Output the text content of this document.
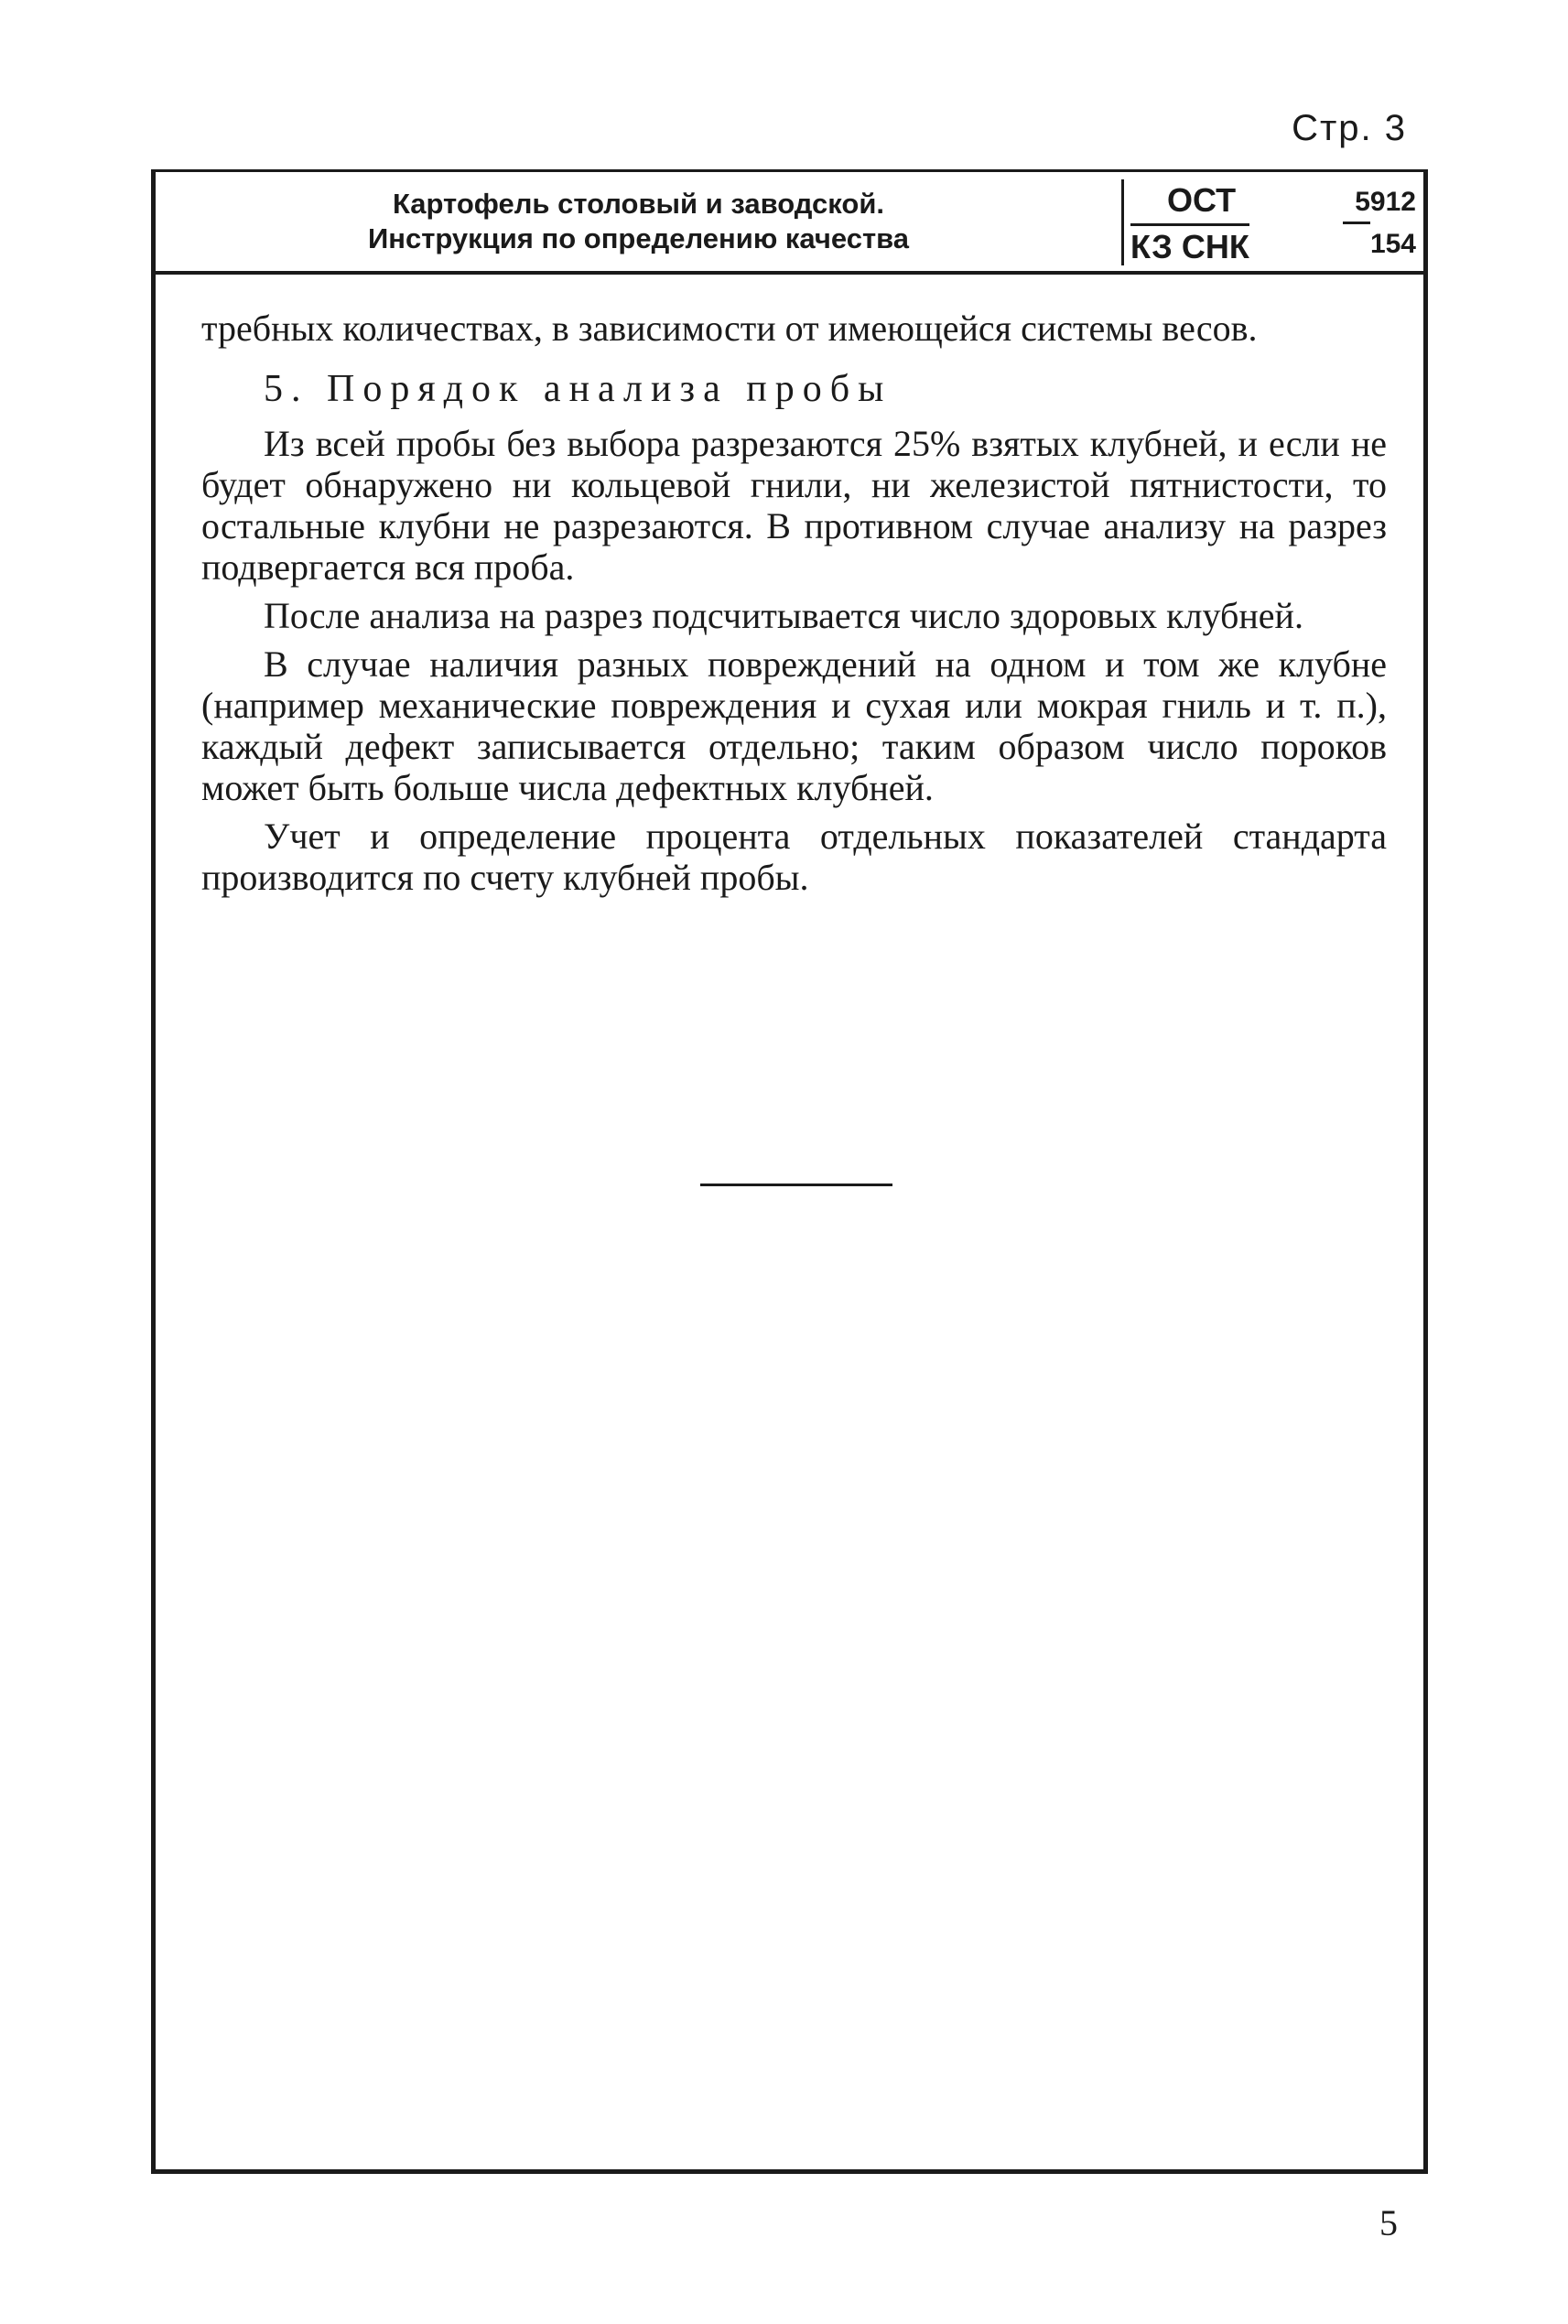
Стр. 3
Картофель столовый и заводской.
Инструкция по определению качества
ОСТ	5912
КЗ СНК	154

требных количествах, в зависимости от имеющейся системы весов.

5. Порядок анализа пробы

Из всей пробы без выбора разрезаются 25% взятых клубней, и если не будет обнаружено ни кольцевой гнили, ни железистой пятнистости, то остальные клубни не разрезаются. В противном случае анализу на разрез подвергается вся проба.

После анализа на разрез подсчитывается число здоровых клубней.

В случае наличия разных повреждений на одном и том же клубне (например механические повреждения и сухая или мокрая гниль и т. п.), каждый дефект записывается отдельно; таким образом число пороков может быть больше числа дефектных клубней.

Учет и определение процента отдельных показателей стандарта производится по счету клубней пробы.

5
